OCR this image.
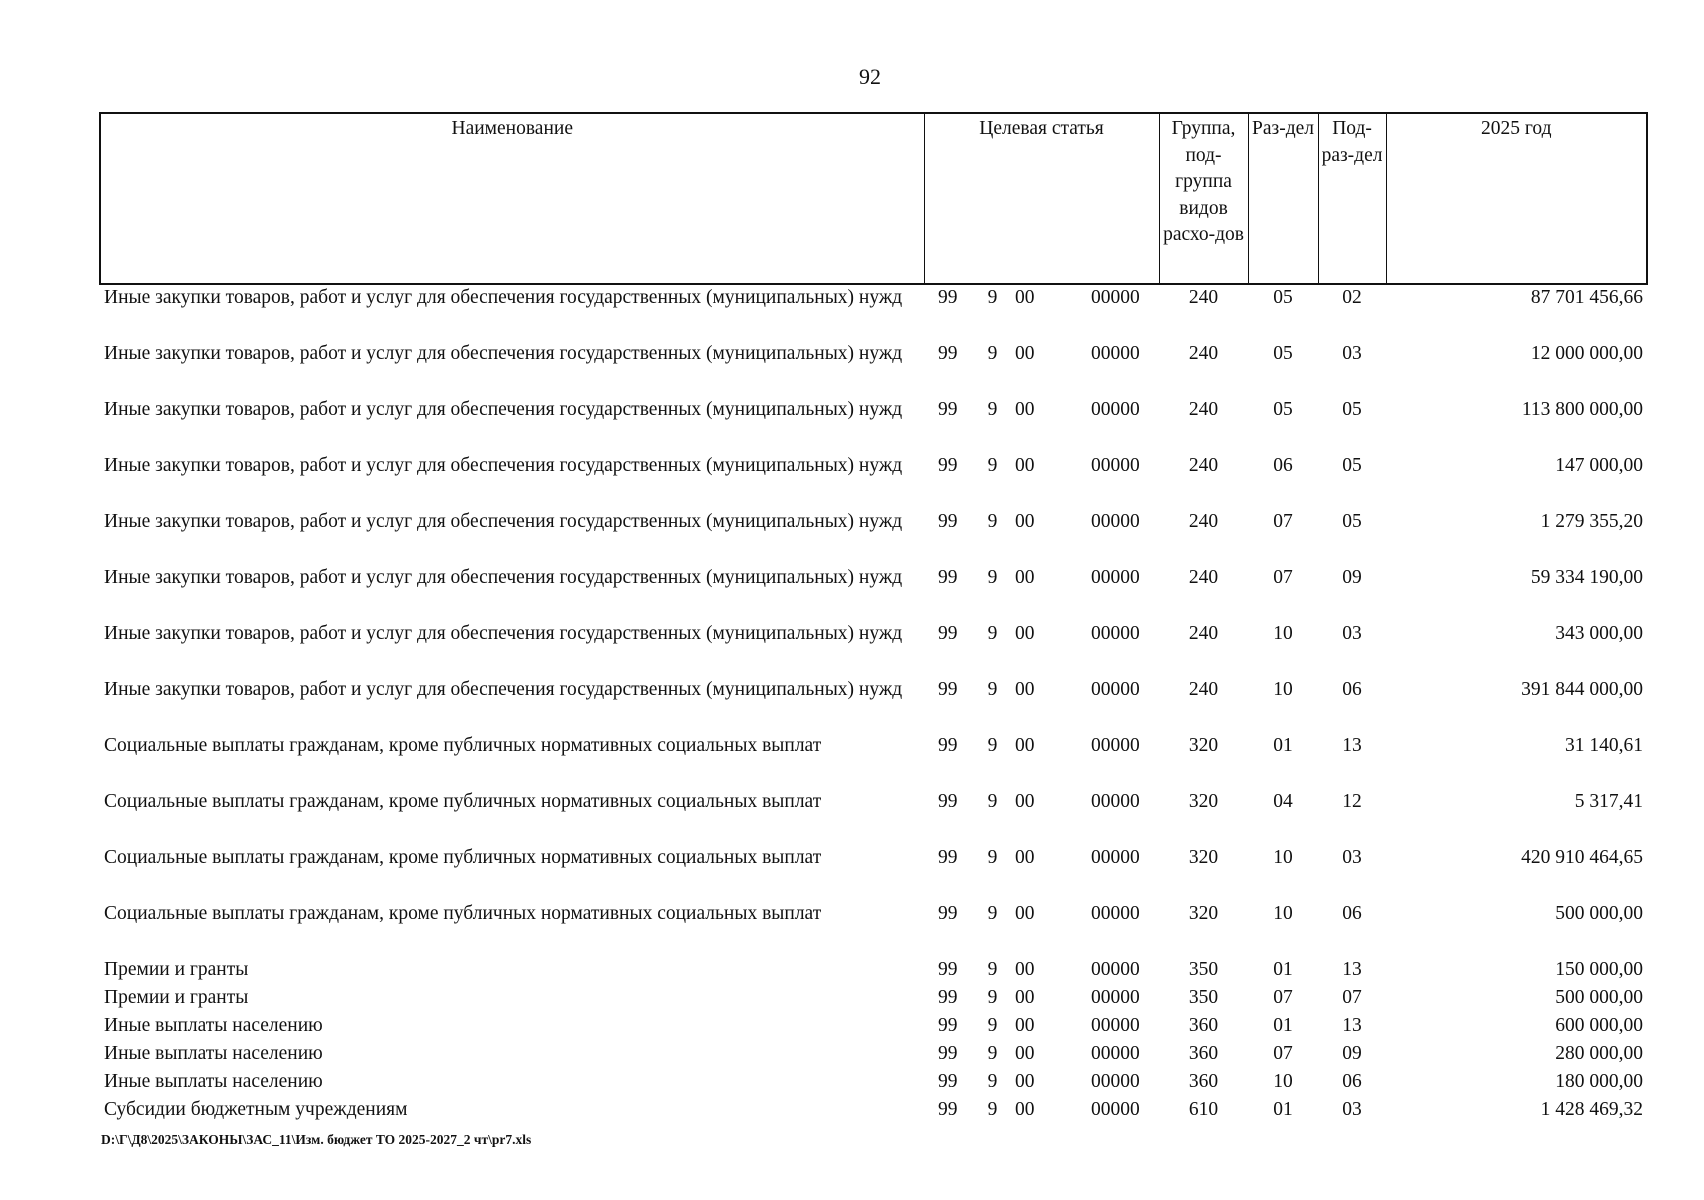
92
Наименование	Целевая статья				Группа, под-группа видов расхо-дов	Раз-дел	Под-раз-дел	2025 год
Иные закупки товаров, работ и услуг для обеспечения государственных (муниципальных) нужд	99	9	00	00000	240	05	02	87 701 456,66
Иные закупки товаров, работ и услуг для обеспечения государственных (муниципальных) нужд	99	9	00	00000	240	05	03	12 000 000,00
Иные закупки товаров, работ и услуг для обеспечения государственных (муниципальных) нужд	99	9	00	00000	240	05	05	113 800 000,00
Иные закупки товаров, работ и услуг для обеспечения государственных (муниципальных) нужд	99	9	00	00000	240	06	05	147 000,00
Иные закупки товаров, работ и услуг для обеспечения государственных (муниципальных) нужд	99	9	00	00000	240	07	05	1 279 355,20
Иные закупки товаров, работ и услуг для обеспечения государственных (муниципальных) нужд	99	9	00	00000	240	07	09	59 334 190,00
Иные закупки товаров, работ и услуг для обеспечения государственных (муниципальных) нужд	99	9	00	00000	240	10	03	343 000,00
Иные закупки товаров, работ и услуг для обеспечения государственных (муниципальных) нужд	99	9	00	00000	240	10	06	391 844 000,00
Социальные выплаты гражданам, кроме публичных нормативных социальных выплат	99	9	00	00000	320	01	13	31 140,61
Социальные выплаты гражданам, кроме публичных нормативных социальных выплат	99	9	00	00000	320	04	12	5 317,41
Социальные выплаты гражданам, кроме публичных нормативных социальных выплат	99	9	00	00000	320	10	03	420 910 464,65
Социальные выплаты гражданам, кроме публичных нормативных социальных выплат	99	9	00	00000	320	10	06	500 000,00
Премии и гранты	99	9	00	00000	350	01	13	150 000,00
Премии и гранты	99	9	00	00000	350	07	07	500 000,00
Иные выплаты населению	99	9	00	00000	360	01	13	600 000,00
Иные выплаты населению	99	9	00	00000	360	07	09	280 000,00
Иные выплаты населению	99	9	00	00000	360	10	06	180 000,00
Субсидии бюджетным учреждениям	99	9	00	00000	610	01	03	1 428 469,32
D:\Г\Д8\2025\ЗАКОНЫ\ЗАС_11\Изм. бюджет ТО 2025-2027_2 чт\pr7.xls
